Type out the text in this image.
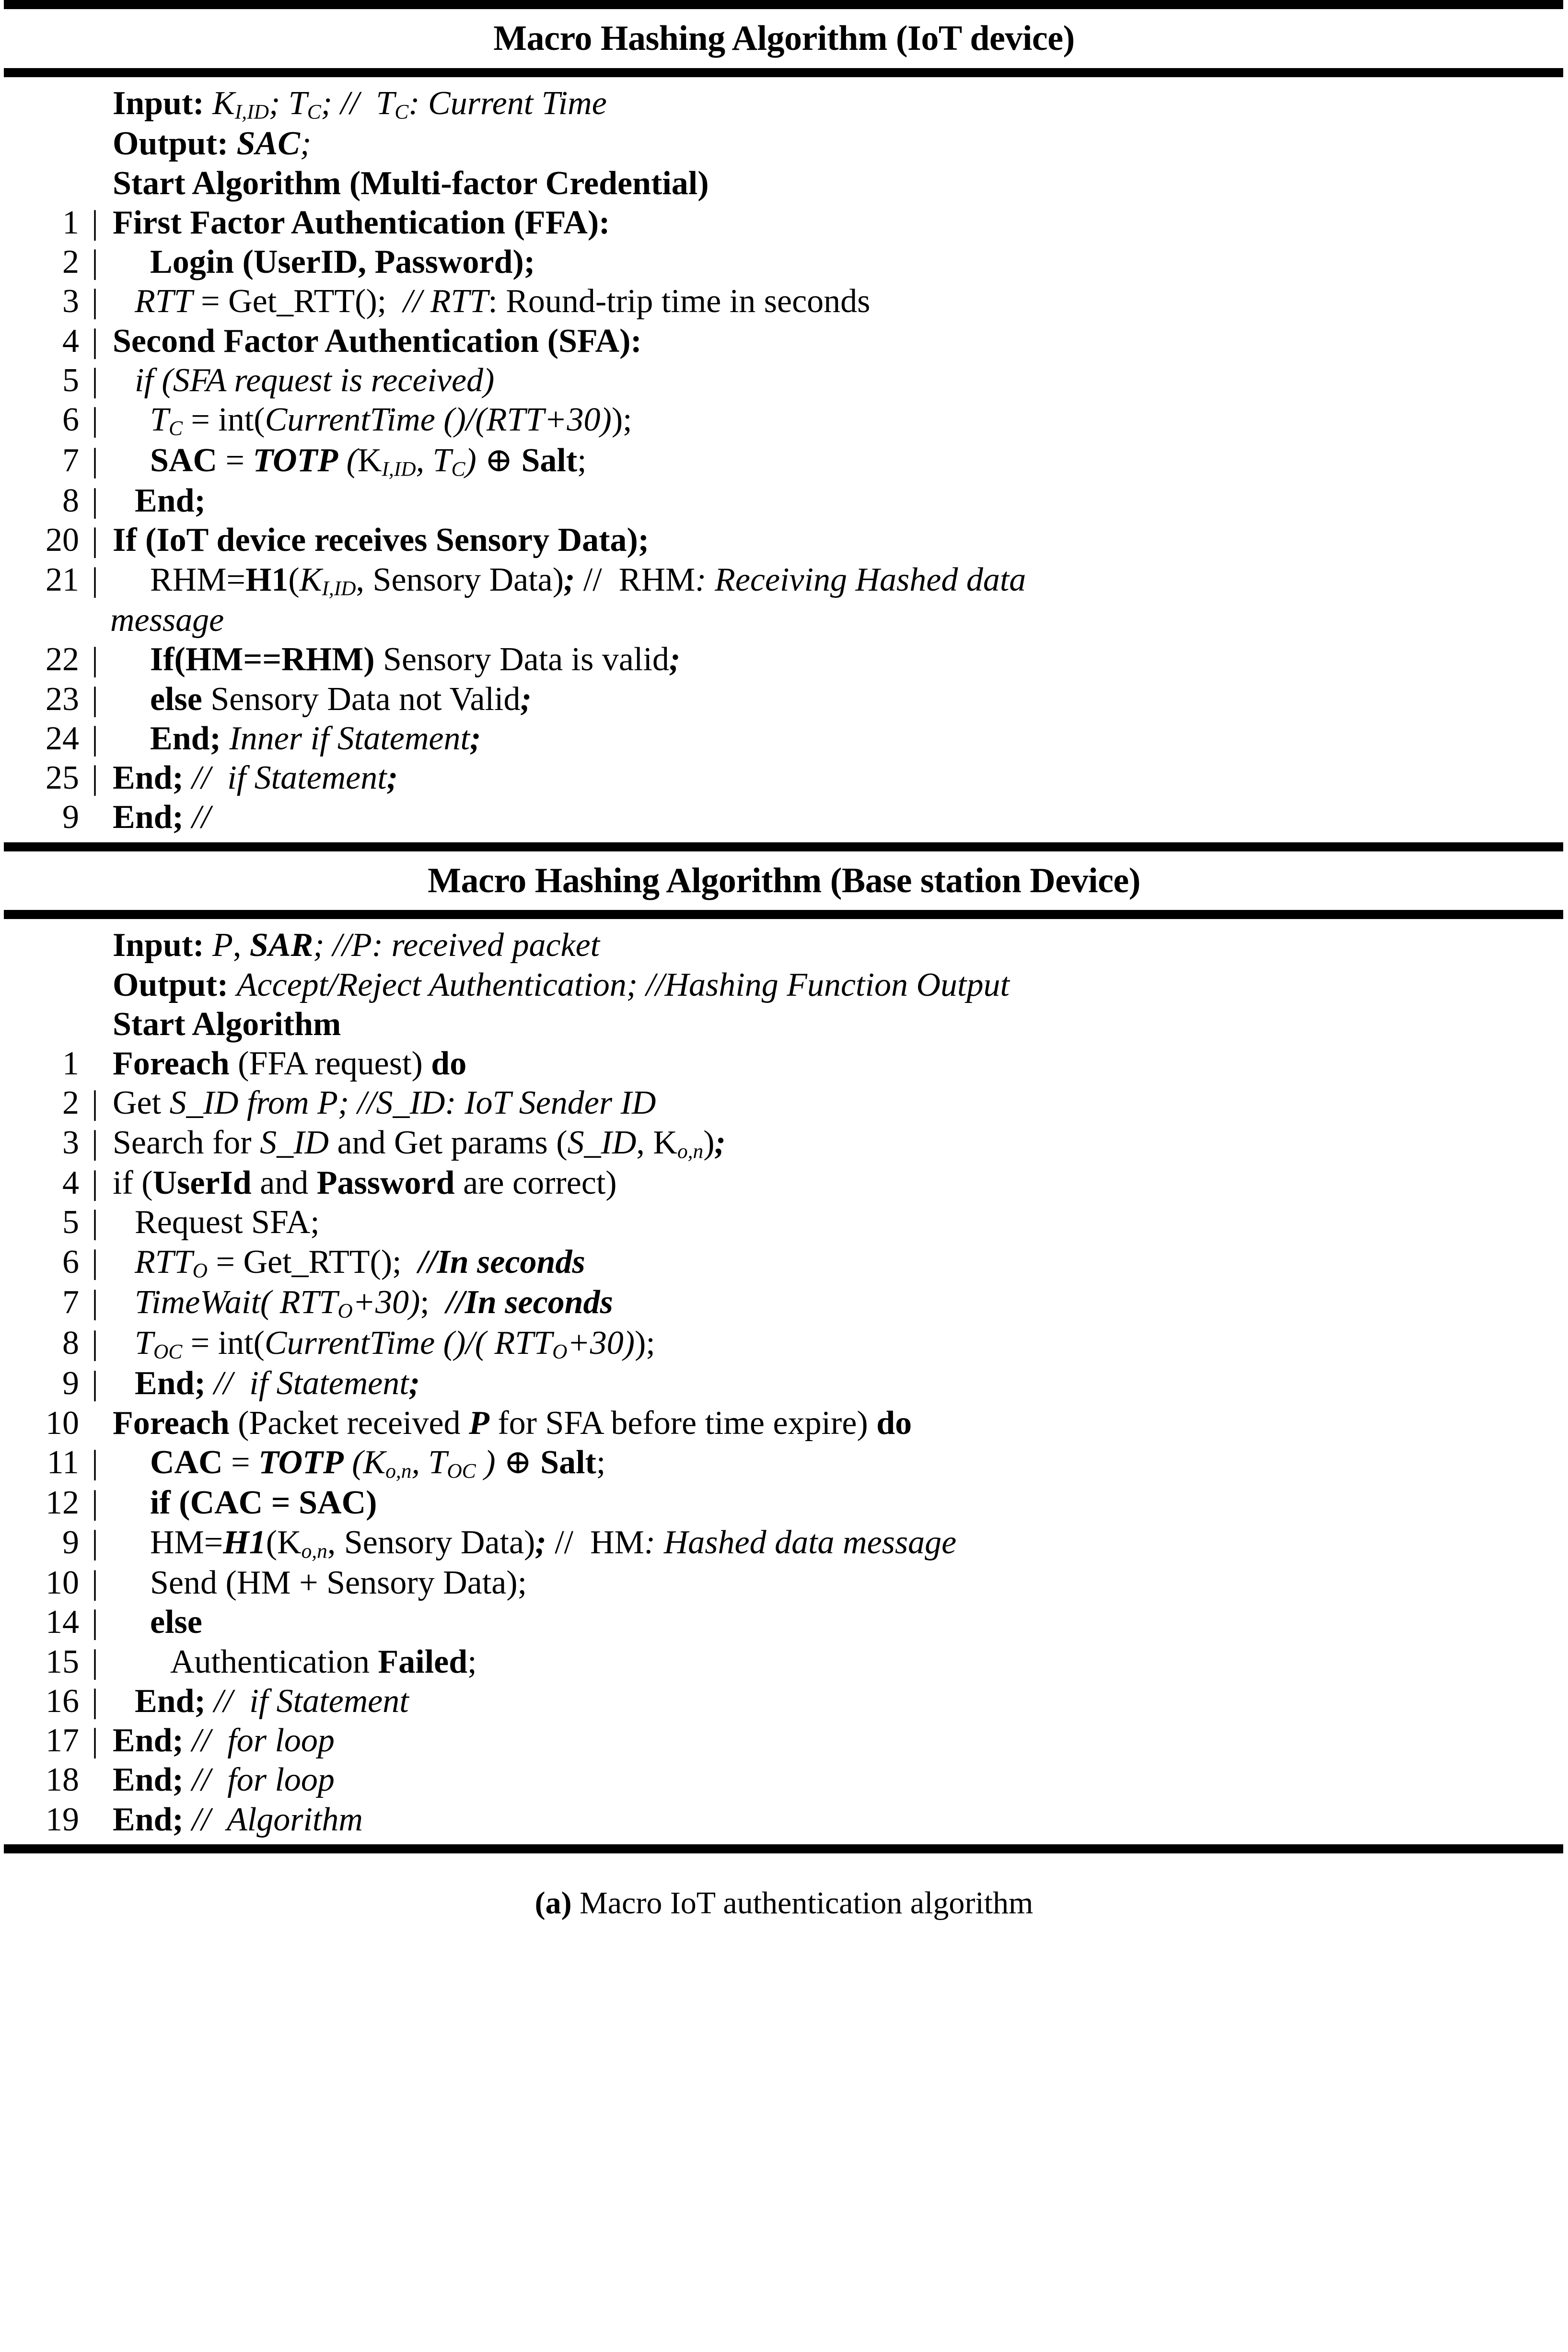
Macro Hashing Algorithm (IoT device)
Input: $K_{I,ID}$; $T_C$; //  $T_C$: Current Time
Output: SAC;
Start Algorithm (Multi-factor Credential)
1 | First Factor Authentication (FFA):
2 |	Login (UserID, Password);
3 |	RTT = Get_RTT();  // RTT: Round-trip time in seconds
4 | Second Factor Authentication (SFA):
5 |	if (SFA request is received)
6 |	$T_C$ = int(CurrentTime ()/(RTT+30));
7 |	SAC = TOTP ($K_{I,ID}$, $T_C$) ⊕ Salt;
8 |	End;
20 | If (IoT device receives Sensory Data);
21 |	$RHM=H1(K_{I,ID}$, Sensory Data); //  RHM: Receiving Hashed data
message
22 |	If(HM==RHM) Sensory Data is valid;
23 |	else Sensory Data not Valid;
24 |	End; Inner if Statement;
25 | End; //  if Statement;
9	End; //
Macro Hashing Algorithm (Base station Device)
Input: P, SAR; //P: received packet
Output: Accept/Reject Authentication; //Hashing Function Output
Start Algorithm
1	Foreach (FFA request) do
2 | Get S_ID from P; //S_ID: IoT Sender ID
3 | Search for S_ID and Get params (S_ID, $K_{o,n}$);
4 | if (UserId and Password are correct)
5 |	Request SFA;
6 |	$RTT_O$ = Get_RTT();  //In seconds
7 |	TimeWait( $RTT_O+30$);  //In seconds
8 |	$T_{OC}$ = int(CurrentTime ()/( $RTT_O+30$));
9 |	End; //  if Statement;
10	Foreach (Packet received P for SFA before time expire) do
11 |	CAC = TOTP ($K_{o,n}$, $T_{OC}$ ) ⊕ Salt;
12 |	if (CAC = SAC)
9 |	$HM=H1(K_{o,n}$, Sensory Data); //  HM: Hashed data message
10 |	Send (HM + Sensory Data);
14 |	else
15 |	Authentication Failed;
16 |	End; //  if Statement
17 | End; //  for loop
18	End; //  for loop
19	End; //  Algorithm
(a) Macro IoT authentication algorithm
